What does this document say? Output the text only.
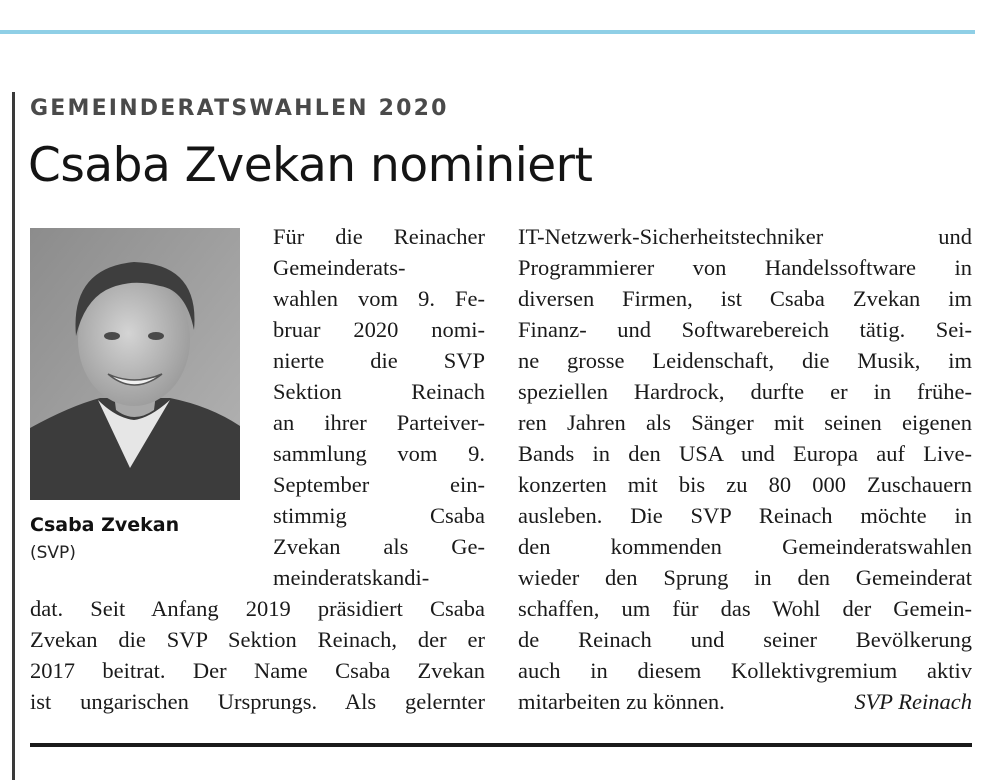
GEMEINDERATSWAHLEN 2020
Csaba Zvekan nominiert
Csaba Zvekan
(SVP)
Für die Reinacher
Gemeinderats-
wahlen vom 9. Fe-
bruar 2020 nomi-
nierte die SVP
Sektion Reinach
an ihrer Parteiver-
sammlung vom 9.
September ein-
stimmig Csaba
Zvekan als Ge-
meinderatskandi-
dat. Seit Anfang 2019 präsidiert Csaba
Zvekan die SVP Sektion Reinach, der er
2017 beitrat. Der Name Csaba Zvekan
ist ungarischen Ursprungs. Als gelernter
IT-Netzwerk-Sicherheitstechniker und
Programmierer von Handelssoftware in
diversen Firmen, ist Csaba Zvekan im
Finanz- und Softwarebereich tätig. Sei-
ne grosse Leidenschaft, die Musik, im
speziellen Hardrock, durfte er in frühe-
ren Jahren als Sänger mit seinen eigenen
Bands in den USA und Europa auf Live-
konzerten mit bis zu 80 000 Zuschauern
ausleben. Die SVP Reinach möchte in
den kommenden Gemeinderatswahlen
wieder den Sprung in den Gemeinderat
schaffen, um für das Wohl der Gemein-
de Reinach und seiner Bevölkerung
auch in diesem Kollektivgremium aktiv
mitarbeiten zu können.	SVP Reinach
